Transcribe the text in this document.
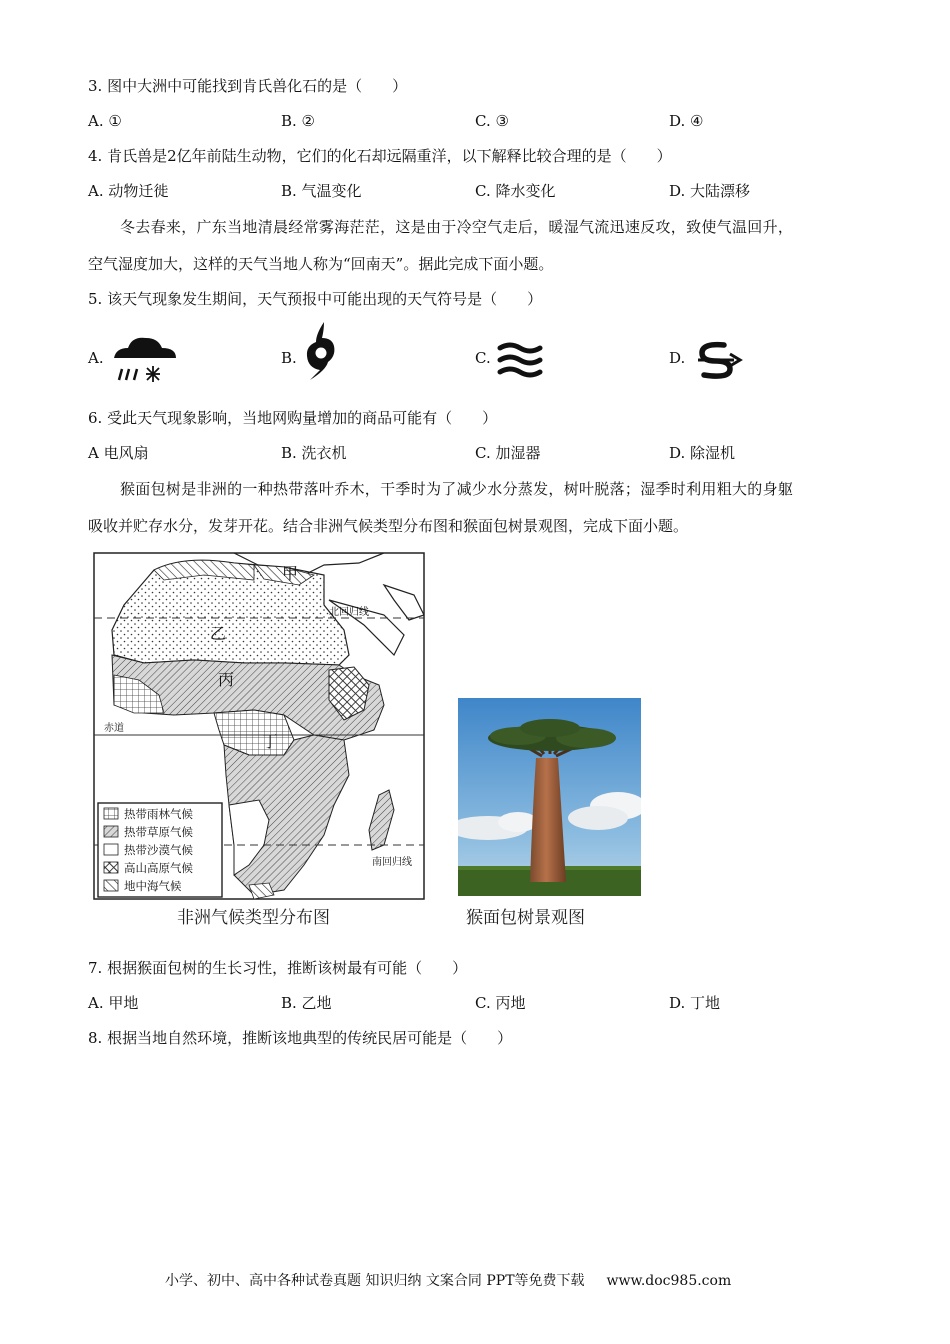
3. 图中大洲中可能找到肯氏兽化石的是（　　）
A. ①	B. ②	C. ③	D. ④
4. 肯氏兽是2亿年前陆生动物，它们的化石却远隔重洋，以下解释比较合理的是（　　）
A. 动物迁徙	B. 气温变化	C. 降水变化	D. 大陆漂移
冬去春来，广东当地清晨经常雾海茫茫，这是由于冷空气走后，暖湿气流迅速反攻，致使气温回升，
空气湿度加大，这样的天气当地人称为“回南天”。据此完成下面小题。
5. 该天气现象发生期间，天气预报中可能出现的天气符号是（　　）
A.	B.	C.	D.
6. 受此天气现象影响，当地网购量增加的商品可能有（　　）
A 电风扇	B. 洗衣机	C. 加湿器	D. 除湿机
猴面包树是非洲的一种热带落叶乔木，干季时为了减少水分蒸发，树叶脱落；湿季时利用粗大的身躯
吸收并贮存水分，发芽开花。结合非洲气候类型分布图和猴面包树景观图，完成下面小题。
甲
乙
丙
丁
北回归线
赤道
南回归线
热带雨林气候
热带草原气候
热带沙漠气候
高山高原气候
地中海气候
非洲气候类型分布图	猴面包树景观图
7. 根据猴面包树的生长习性，推断该树最有可能（　　）
A. 甲地	B. 乙地	C. 丙地	D. 丁地
8. 根据当地自然环境，推断该地典型的传统民居可能是（　　）
小学、初中、高中各种试卷真题 知识归纳 文案合同 PPT等免费下载 www.doc985.com
